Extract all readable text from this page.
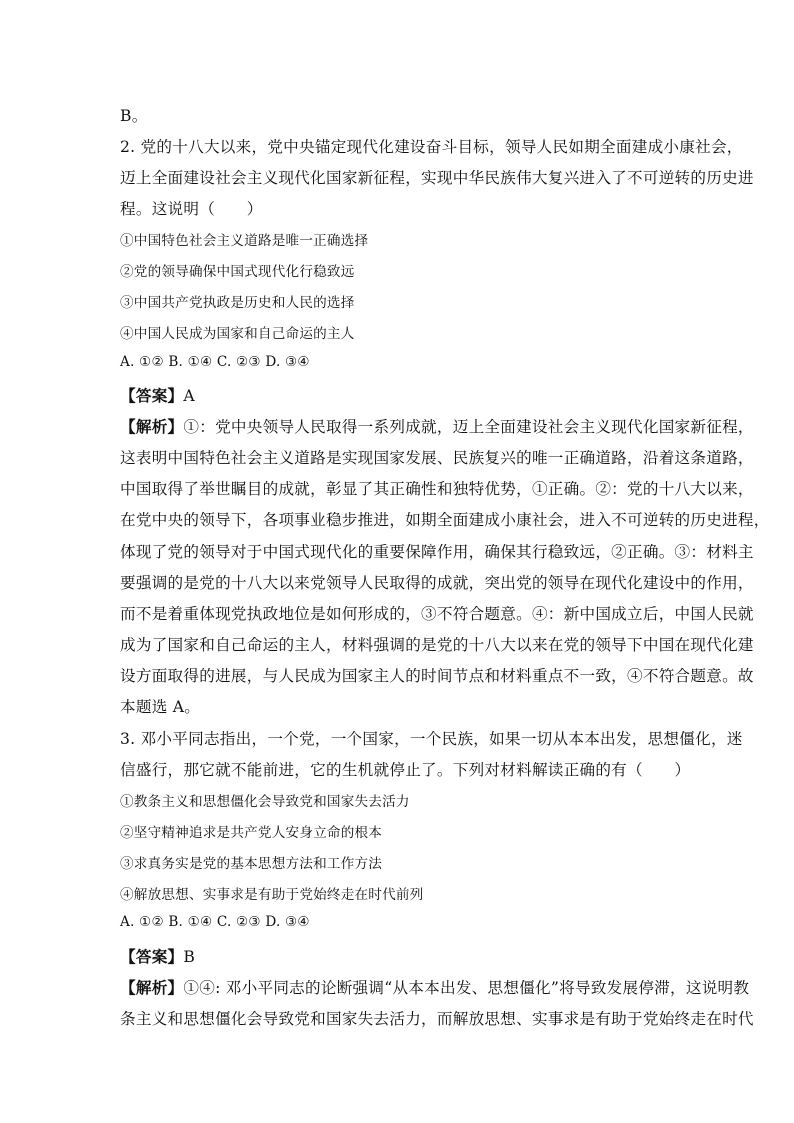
B。
2. 党的十八大以来，党中央锚定现代化建设奋斗目标，领导人民如期全面建成小康社会，
迈上全面建设社会主义现代化国家新征程，实现中华民族伟大复兴进入了不可逆转的历史进
程。这说明（　　）
①中国特色社会主义道路是唯一正确选择
②党的领导确保中国式现代化行稳致远
③中国共产党执政是历史和人民的选择
④中国人民成为国家和自己命运的主人
A. ①② B. ①④ C. ②③ D. ③④
【答案】A
【解析】①：党中央领导人民取得一系列成就，迈上全面建设社会主义现代化国家新征程，
这表明中国特色社会主义道路是实现国家发展、民族复兴的唯一正确道路，沿着这条道路，
中国取得了举世瞩目的成就，彰显了其正确性和独特优势，①正确。②：党的十八大以来，
在党中央的领导下，各项事业稳步推进，如期全面建成小康社会，进入不可逆转的历史进程，
体现了党的领导对于中国式现代化的重要保障作用，确保其行稳致远，②正确。③：材料主
要强调的是党的十八大以来党领导人民取得的成就，突出党的领导在现代化建设中的作用，
而不是着重体现党执政地位是如何形成的，③不符合题意。④：新中国成立后，中国人民就
成为了国家和自己命运的主人，材料强调的是党的十八大以来在党的领导下中国在现代化建
设方面取得的进展，与人民成为国家主人的时间节点和材料重点不一致，④不符合题意。故
本题选 A。
3. 邓小平同志指出，一个党，一个国家，一个民族，如果一切从本本出发，思想僵化，迷
信盛行，那它就不能前进，它的生机就停止了。下列对材料解读正确的有（　　）
①教条主义和思想僵化会导致党和国家失去活力
②坚守精神追求是共产党人安身立命的根本
③求真务实是党的基本思想方法和工作方法
④解放思想、实事求是有助于党始终走在时代前列
A. ①② B. ①④ C. ②③ D. ③④
【答案】B
【解析】①④: 邓小平同志的论断强调“从本本出发、思想僵化”将导致发展停滞，这说明教
条主义和思想僵化会导致党和国家失去活力，而解放思想、实事求是有助于党始终走在时代
